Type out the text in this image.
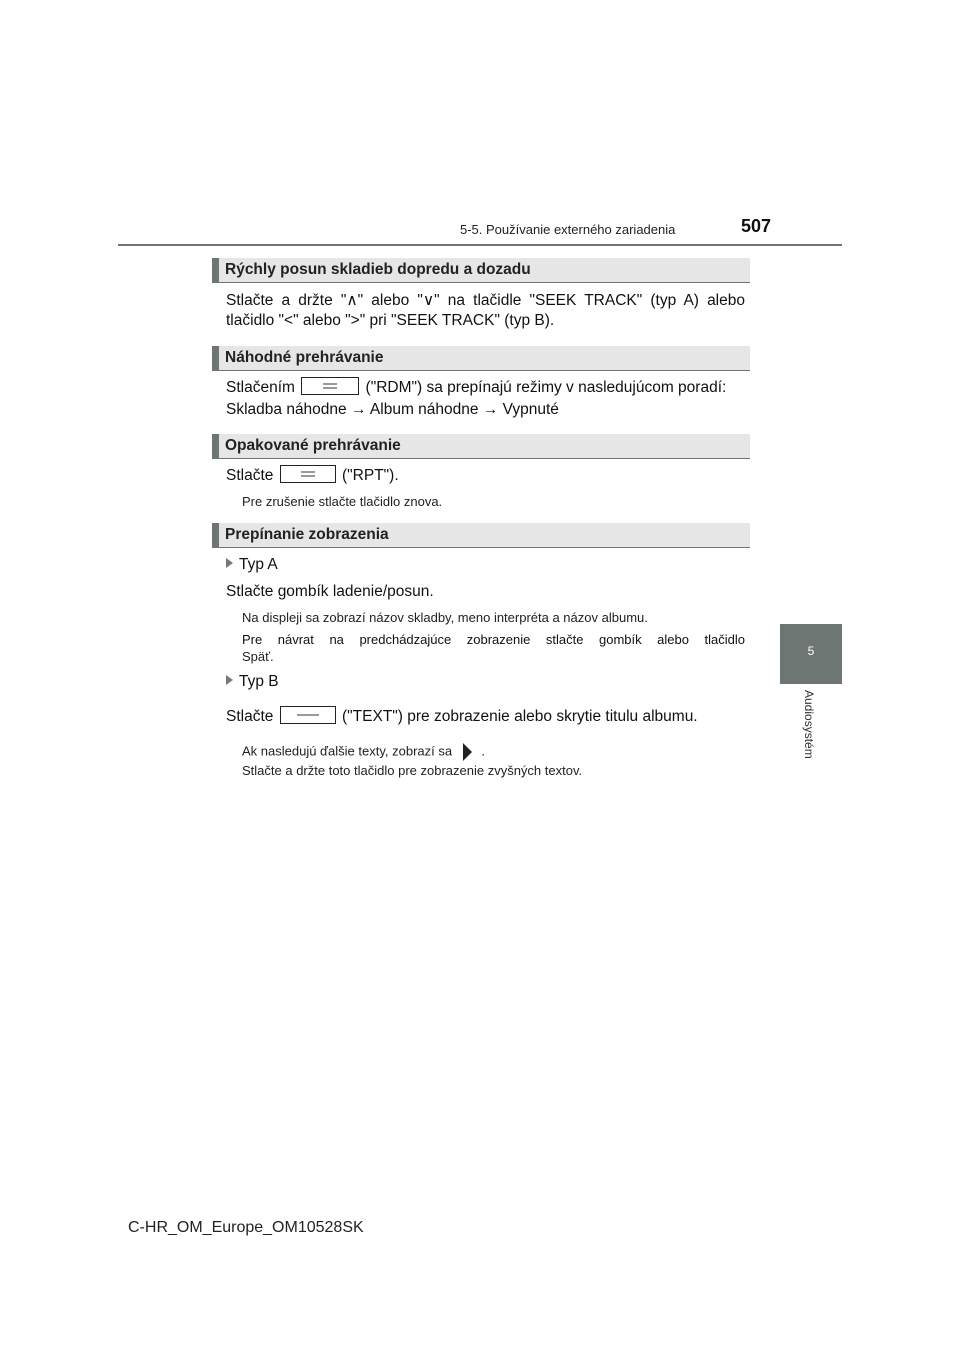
5-5. Používanie externého zariadenia	507
5
Audiosystém
Rýchly posun skladieb dopredu a dozadu
Stlačte a držte "∧" alebo "∨" na tlačidle "SEEK TRACK" (typ A) alebo
tlačidlo "<" alebo ">" pri "SEEK TRACK" (typ B).
Náhodné prehrávanie
Stlačením	("RDM") sa prepínajú režimy v nasledujúcom poradí:
Skladba náhodne → Album náhodne → Vypnuté
Opakované prehrávanie
Stlačte	("RPT").
Pre zrušenie stlačte tlačidlo znova.
Prepínanie zobrazenia
Typ A
Stlačte gombík ladenie/posun.
Na displeji sa zobrazí názov skladby, meno interpréta a názov albumu.
Pre návrat na predchádzajúce zobrazenie stlačte gombík alebo tlačidlo
Späť.
Typ B
Stlačte	("TEXT") pre zobrazenie alebo skrytie titulu albumu.
Ak nasledujú ďalšie texty, zobrazí sa .
Stlačte a držte toto tlačidlo pre zobrazenie zvyšných textov.
C-HR_OM_Europe_OM10528SK
